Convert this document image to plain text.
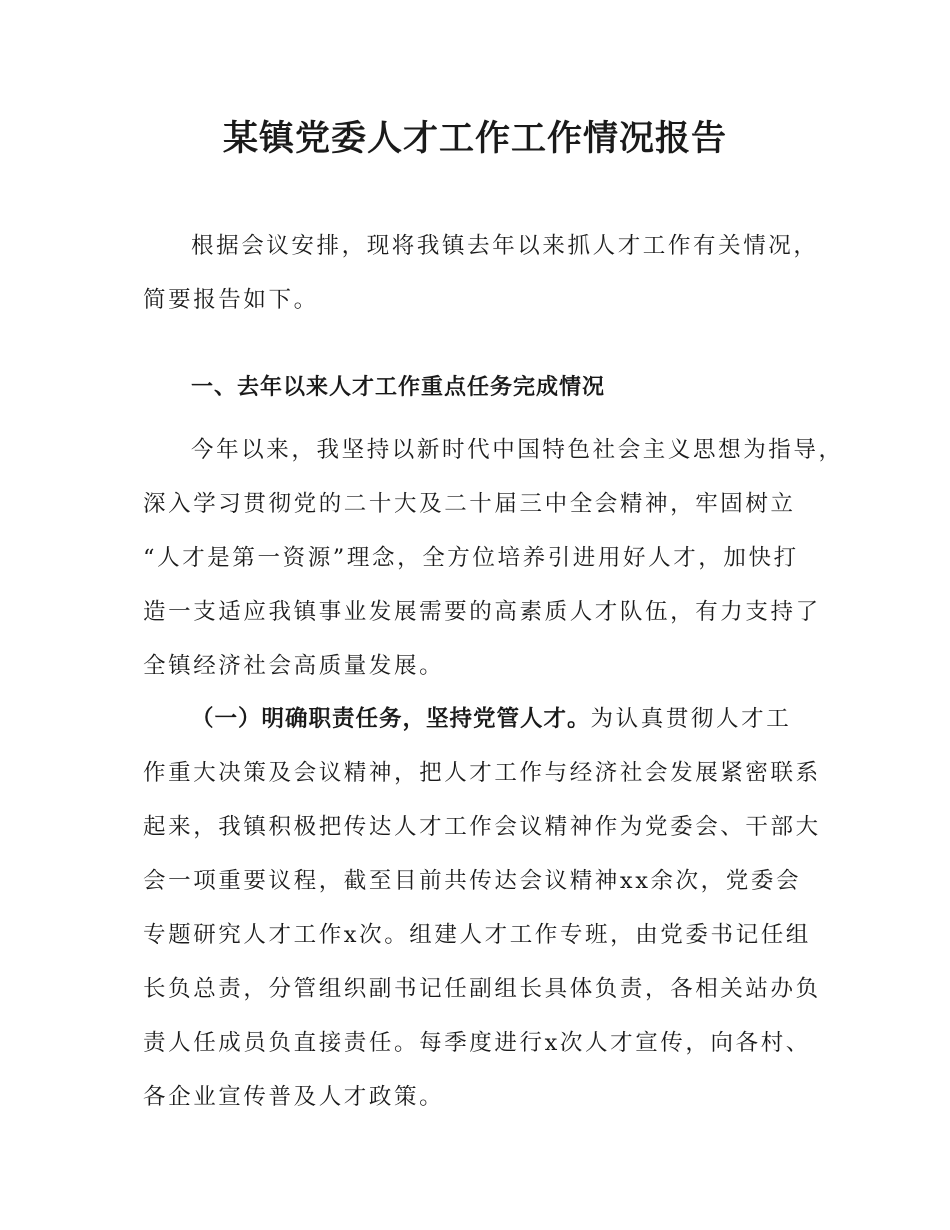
某镇党委人才工作工作情况报告
根据会议安排，现将我镇去年以来抓人才工作有关情况，
简要报告如下。
一、去年以来人才工作重点任务完成情况
今年以来，我坚持以新时代中国特色社会主义思想为指导，
深入学习贯彻党的二十大及二十届三中全会精神，牢固树立
“人才是第一资源”理念，全方位培养引进用好人才，加快打
造一支适应我镇事业发展需要的高素质人才队伍，有力支持了
全镇经济社会高质量发展。
（一）明确职责任务，坚持党管人才。为认真贯彻人才工
作重大决策及会议精神，把人才工作与经济社会发展紧密联系
起来，我镇积极把传达人才工作会议精神作为党委会、干部大
会一项重要议程，截至目前共传达会议精神xx余次，党委会
专题研究人才工作x次。组建人才工作专班，由党委书记任组
长负总责，分管组织副书记任副组长具体负责，各相关站办负
责人任成员负直接责任。每季度进行x次人才宣传，向各村、
各企业宣传普及人才政策。
